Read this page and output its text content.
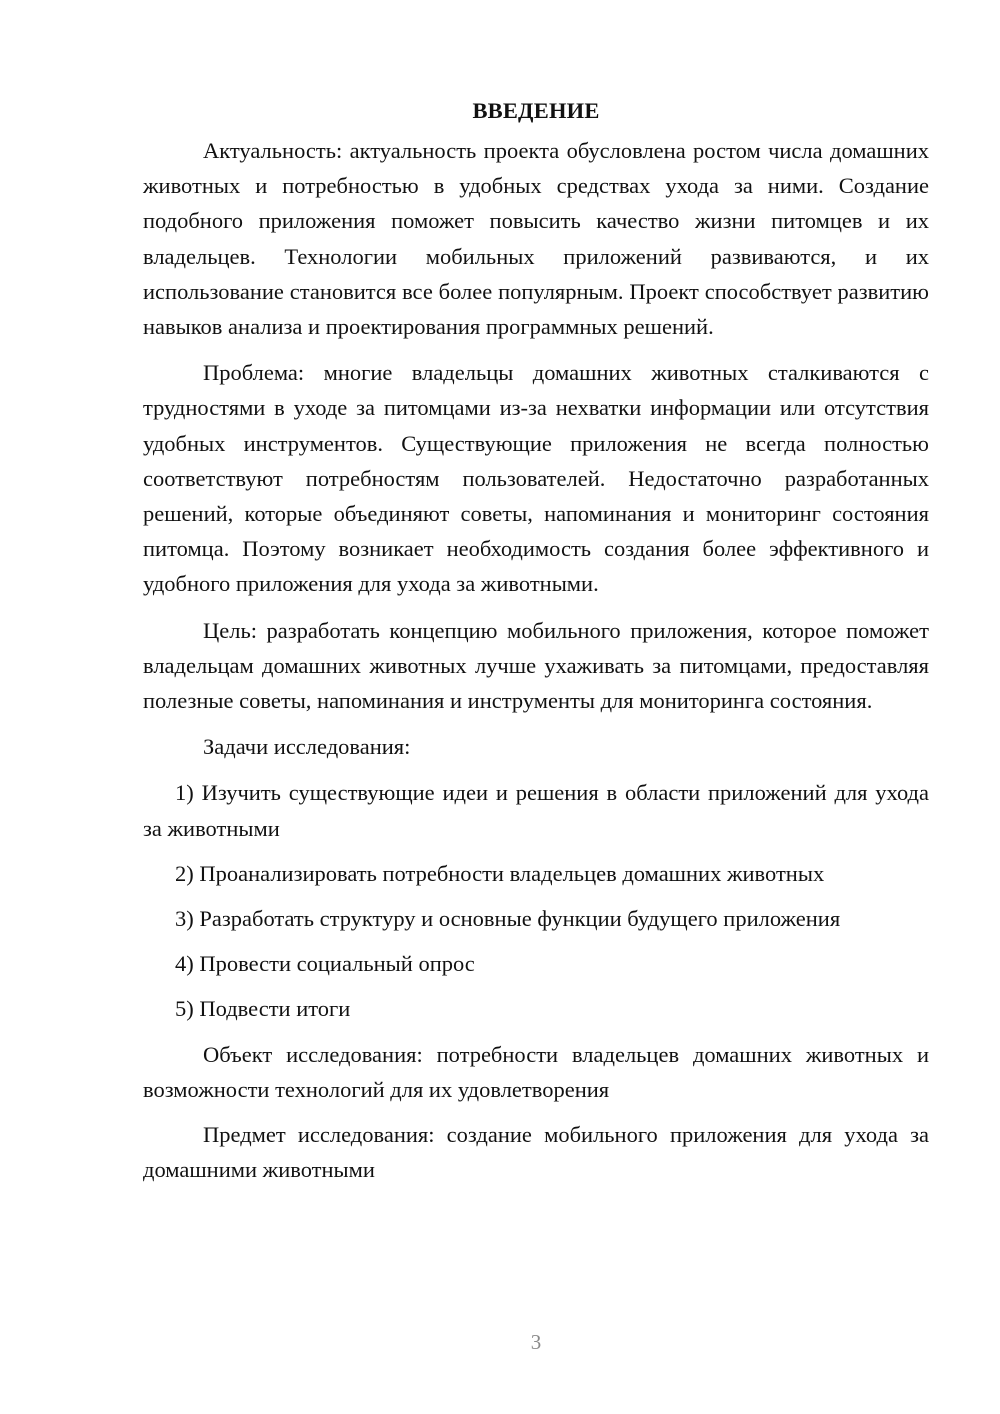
ВВЕДЕНИЕ

Актуальность: актуальность проекта обусловлена ростом числа домашних животных и потребностью в удобных средствах ухода за ними. Создание подобного приложения поможет повысить качество жизни питомцев и их владельцев. Технологии мобильных приложений развиваются, и их использование становится все более популярным. Проект способствует развитию навыков анализа и проектирования программных решений.

Проблема: многие владельцы домашних животных сталкиваются с трудностями в уходе за питомцами из-за нехватки информации или отсутствия удобных инструментов. Существующие приложения не всегда полностью соответствуют потребностям пользователей. Недостаточно разработанных решений, которые объединяют советы, напоминания и мониторинг состояния питомца. Поэтому возникает необходимость создания более эффективного и удобного приложения для ухода за животными.

Цель: разработать концепцию мобильного приложения, которое поможет владельцам домашних животных лучше ухаживать за питомцами, предоставляя полезные советы, напоминания и инструменты для мониторинга состояния.

Задачи исследования:

1) Изучить существующие идеи и решения в области приложений для ухода за животными

2) Проанализировать потребности владельцев домашних животных

3) Разработать структуру и основные функции будущего приложения

4) Провести социальный опрос

5) Подвести итоги

Объект исследования: потребности владельцев домашних животных и возможности технологий для их удовлетворения

Предмет исследования: создание мобильного приложения для ухода за домашними животными

3
